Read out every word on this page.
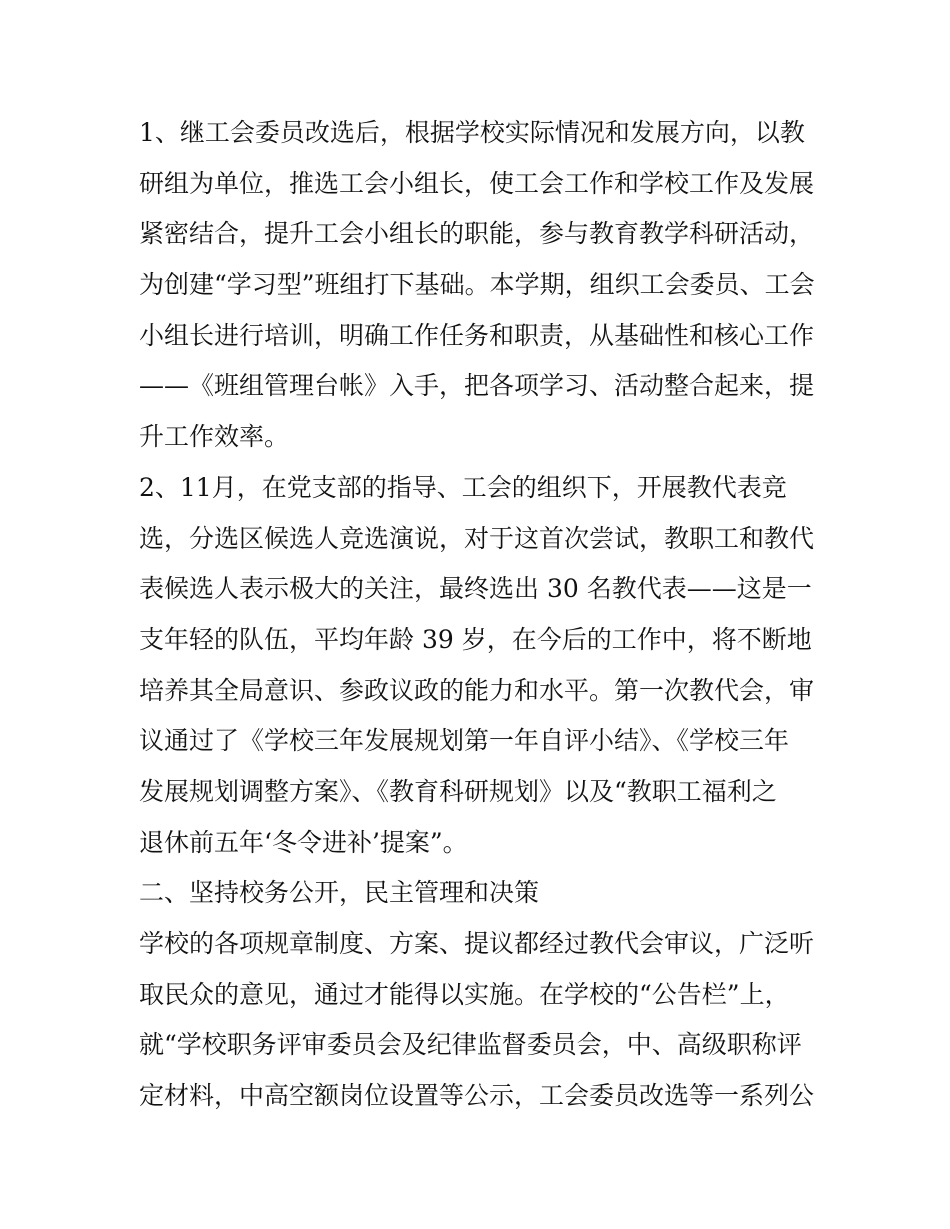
1、继工会委员改选后，根据学校实际情况和发展方向，以教
研组为单位，推选工会小组长，使工会工作和学校工作及发展
紧密结合，提升工会小组长的职能，参与教育教学科研活动，
为创建“学习型”班组打下基础。本学期，组织工会委员、工会
小组长进行培训，明确工作任务和职责，从基础性和核心工作
——《班组管理台帐》入手，把各项学习、活动整合起来，提
升工作效率。
2、11月，在党支部的指导、工会的组织下，开展教代表竞
选，分选区候选人竞选演说，对于这首次尝试，教职工和教代
表候选人表示极大的关注，最终选出 30 名教代表——这是一
支年轻的队伍，平均年龄 39 岁，在今后的工作中，将不断地
培养其全局意识、参政议政的能力和水平。第一次教代会，审
议通过了《学校三年发展规划第一年自评小结》、《学校三年
发展规划调整方案》、《教育科研规划》以及“教职工福利之
退休前五年‘冬令进补’提案”。
二、坚持校务公开，民主管理和决策
学校的各项规章制度、方案、提议都经过教代会审议，广泛听
取民众的意见，通过才能得以实施。在学校的“公告栏”上，
就“学校职务评审委员会及纪律监督委员会，中、高级职称评
定材料，中高空额岗位设置等公示，工会委员改选等一系列公
